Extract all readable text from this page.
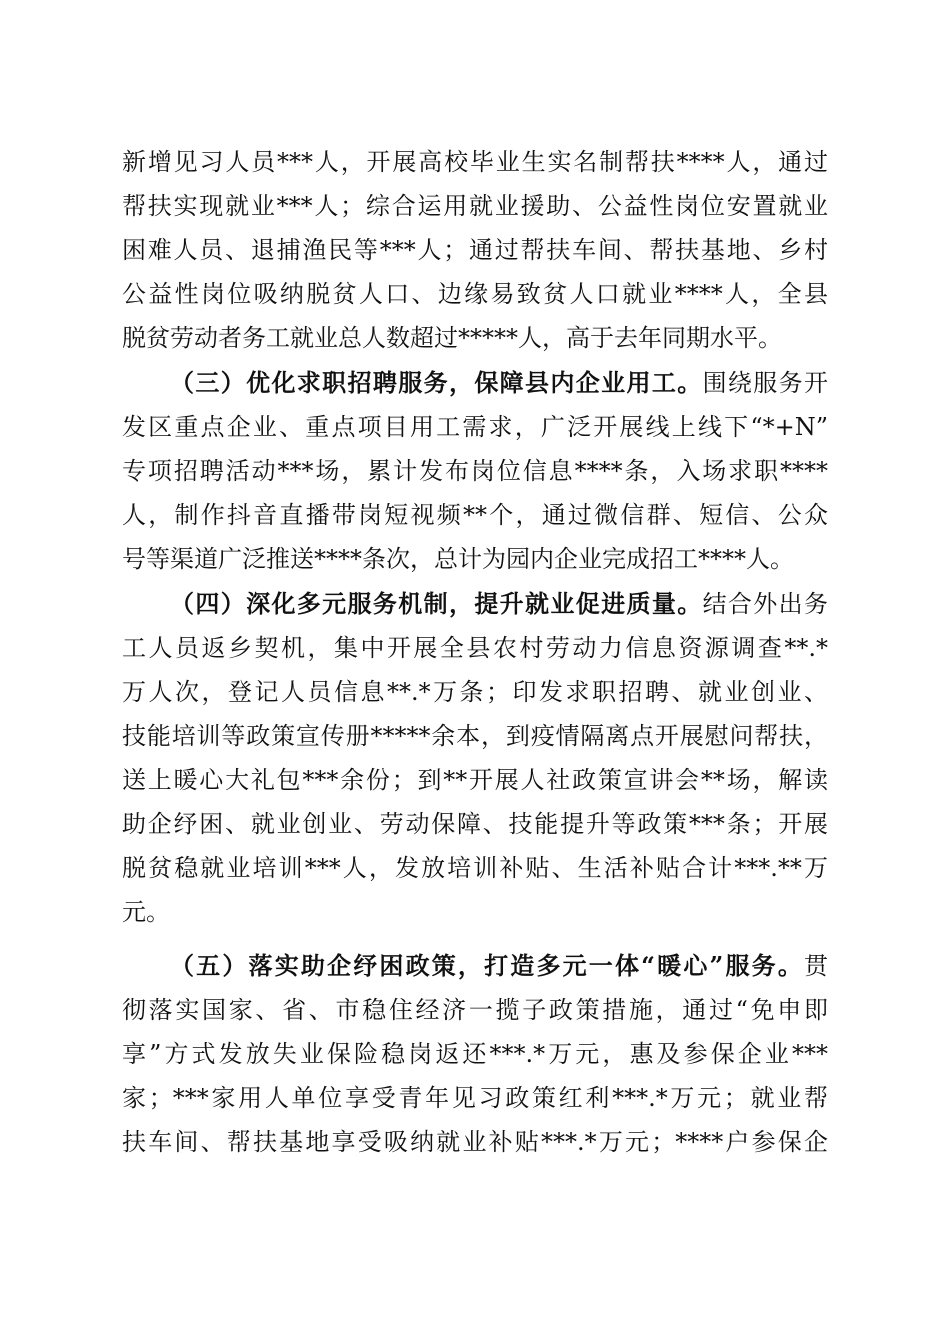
新增见习人员***人，开展高校毕业生实名制帮扶****人，通过
帮扶实现就业***人；综合运用就业援助、公益性岗位安置就业
困难人员、退捕渔民等***人；通过帮扶车间、帮扶基地、乡村
公益性岗位吸纳脱贫人口、边缘易致贫人口就业****人，全县
脱贫劳动者务工就业总人数超过*****人，高于去年同期水平。
（三）优化求职招聘服务，保障县内企业用工。围绕服务开
发区重点企业、重点项目用工需求，广泛开展线上线下“*+N”
专项招聘活动***场，累计发布岗位信息****条，入场求职****
人，制作抖音直播带岗短视频**个，通过微信群、短信、公众
号等渠道广泛推送****条次，总计为园内企业完成招工****人。
（四）深化多元服务机制，提升就业促进质量。结合外出务
工人员返乡契机，集中开展全县农村劳动力信息资源调查**.*
万人次，登记人员信息**.*万条；印发求职招聘、就业创业、
技能培训等政策宣传册*****余本，到疫情隔离点开展慰问帮扶，
送上暖心大礼包***余份；到**开展人社政策宣讲会**场，解读
助企纾困、就业创业、劳动保障、技能提升等政策***条；开展
脱贫稳就业培训***人，发放培训补贴、生活补贴合计***.**万
元。
（五）落实助企纾困政策，打造多元一体“暖心”服务。贯
彻落实国家、省、市稳住经济一揽子政策措施，通过“免申即
享”方式发放失业保险稳岗返还***.*万元，惠及参保企业***
家；***家用人单位享受青年见习政策红利***.*万元；就业帮
扶车间、帮扶基地享受吸纳就业补贴***.*万元；****户参保企
